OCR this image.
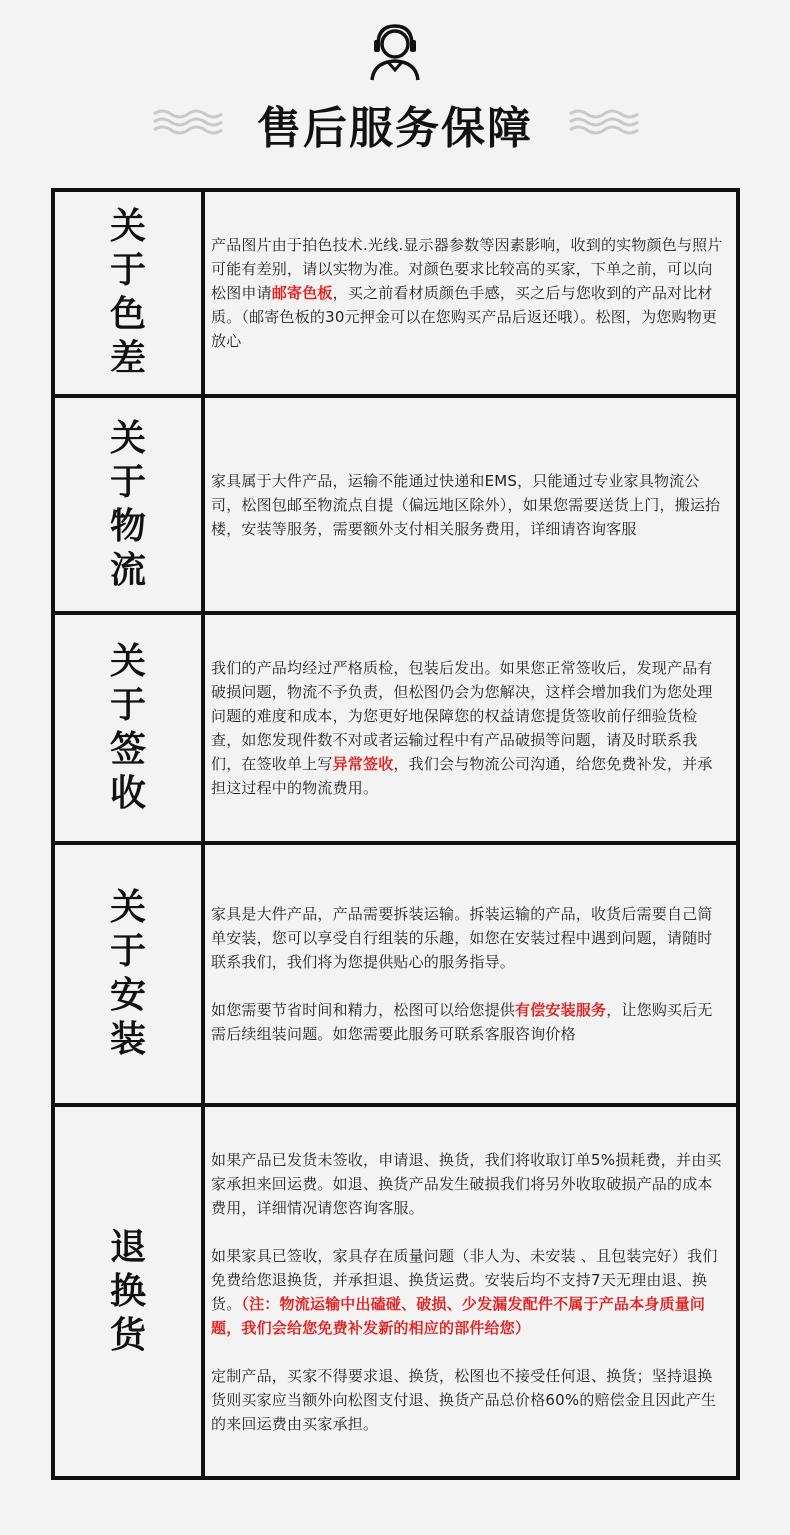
售后服务保障
关于色差

产品图片由于拍色技术.光线.显示器参数等因素影响，收到的实物颜色与照片可能有差别，请以实物为准。对颜色要求比较高的买家，下单之前，可以向松图申请邮寄色板，买之前看材质颜色手感，买之后与您收到的产品对比材质。（邮寄色板的30元押金可以在您购买产品后返还哦）。松图，为您购物更放心

关于物流

家具属于大件产品，运输不能通过快递和EMS，只能通过专业家具物流公司，松图包邮至物流点自提（偏远地区除外），如果您需要送货上门，搬运抬楼，安装等服务，需要额外支付相关服务费用，详细请咨询客服

关于签收

我们的产品均经过严格质检，包装后发出。如果您正常签收后，发现产品有破损问题，物流不予负责，但松图仍会为您解决，这样会增加我们为您处理问题的难度和成本，为您更好地保障您的权益请您提货签收前仔细验货检查，如您发现件数不对或者运输过程中有产品破损等问题，请及时联系我们，在签收单上写异常签收，我们会与物流公司沟通，给您免费补发，并承担这过程中的物流费用。

关于安装

家具是大件产品，产品需要拆装运输。拆装运输的产品，收货后需要自己简单安装，您可以享受自行组装的乐趣，如您在安装过程中遇到问题，请随时联系我们，我们将为您提供贴心的服务指导。

如您需要节省时间和精力，松图可以给您提供有偿安装服务，让您购买后无需后续组装问题。如您需要此服务可联系客服咨询价格

退换货

如果产品已发货未签收，申请退、换货，我们将收取订单5%损耗费，并由买家承担来回运费。如退、换货产品发生破损我们将另外收取破损产品的成本费用，详细情况请您咨询客服。

如果家具已签收，家具存在质量问题（非人为、未安装 、且包装完好）我们免费给您退换货，并承担退、换货运费。安装后均不支持7天无理由退、换货。（注：物流运输中出磕碰、破损、少发漏发配件不属于产品本身质量问题，我们会给您免费补发新的相应的部件给您）

定制产品，买家不得要求退、换货，松图也不接受任何退、换货；坚持退换货则买家应当额外向松图支付退、换货产品总价格60%的赔偿金且因此产生的来回运费由买家承担。
